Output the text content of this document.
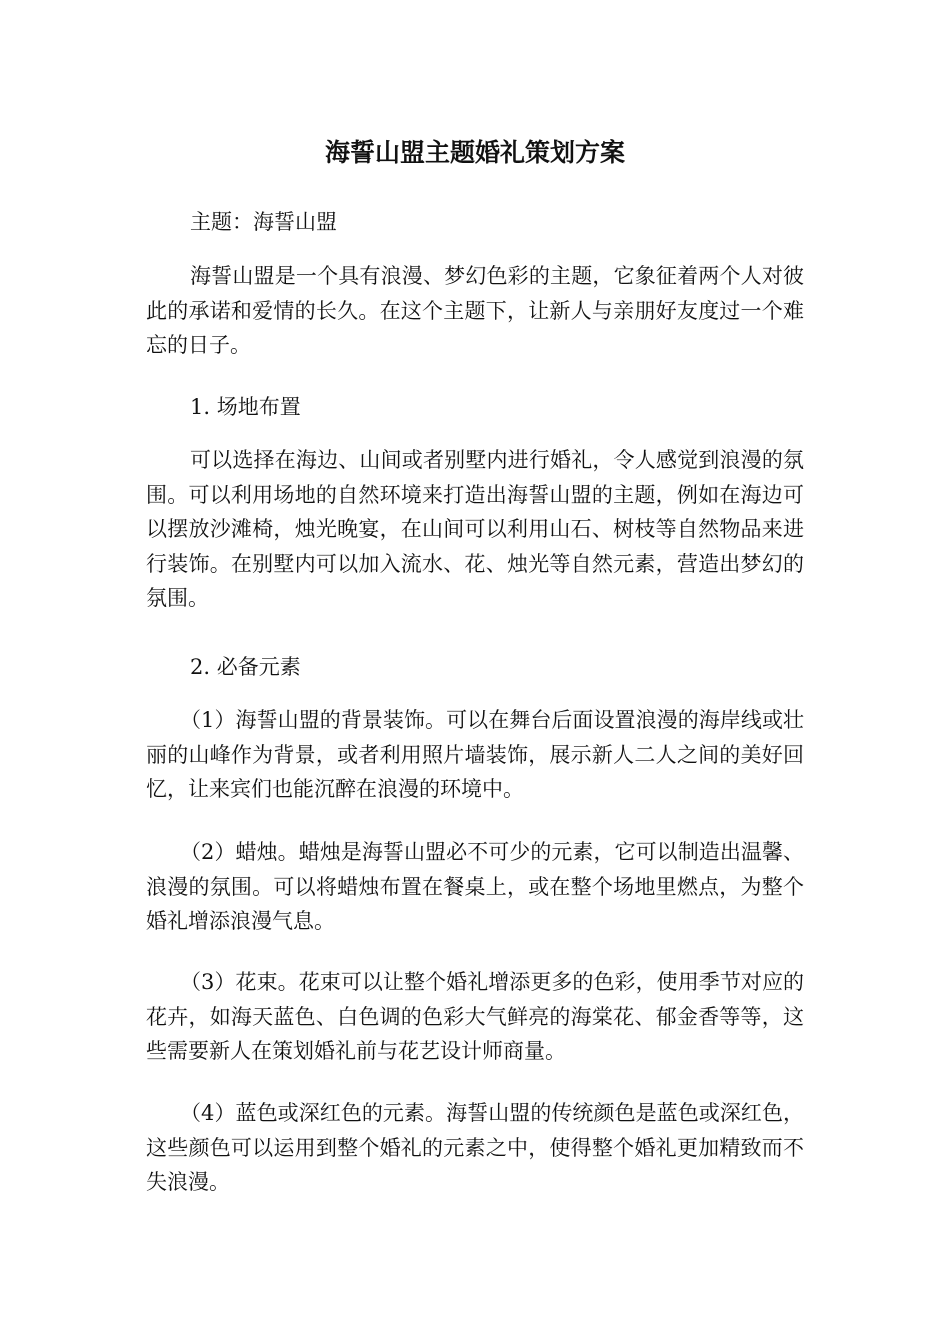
海誓山盟主题婚礼策划方案

主题：海誓山盟

海誓山盟是一个具有浪漫、梦幻色彩的主题，它象征着两个人对彼此的承诺和爱情的长久。在这个主题下，让新人与亲朋好友度过一个难忘的日子。

1. 场地布置

可以选择在海边、山间或者别墅内进行婚礼，令人感觉到浪漫的氛围。可以利用场地的自然环境来打造出海誓山盟的主题，例如在海边可以摆放沙滩椅，烛光晚宴，在山间可以利用山石、树枝等自然物品来进行装饰。在别墅内可以加入流水、花、烛光等自然元素，营造出梦幻的氛围。

2. 必备元素

（1）海誓山盟的背景装饰。可以在舞台后面设置浪漫的海岸线或壮丽的山峰作为背景，或者利用照片墙装饰，展示新人二人之间的美好回忆，让来宾们也能沉醉在浪漫的环境中。

（2）蜡烛。蜡烛是海誓山盟必不可少的元素，它可以制造出温馨、浪漫的氛围。可以将蜡烛布置在餐桌上，或在整个场地里燃点，为整个婚礼增添浪漫气息。

（3）花束。花束可以让整个婚礼增添更多的色彩，使用季节对应的花卉，如海天蓝色、白色调的色彩大气鲜亮的海棠花、郁金香等等，这些需要新人在策划婚礼前与花艺设计师商量。

（4）蓝色或深红色的元素。海誓山盟的传统颜色是蓝色或深红色，这些颜色可以运用到整个婚礼的元素之中，使得整个婚礼更加精致而不失浪漫。
